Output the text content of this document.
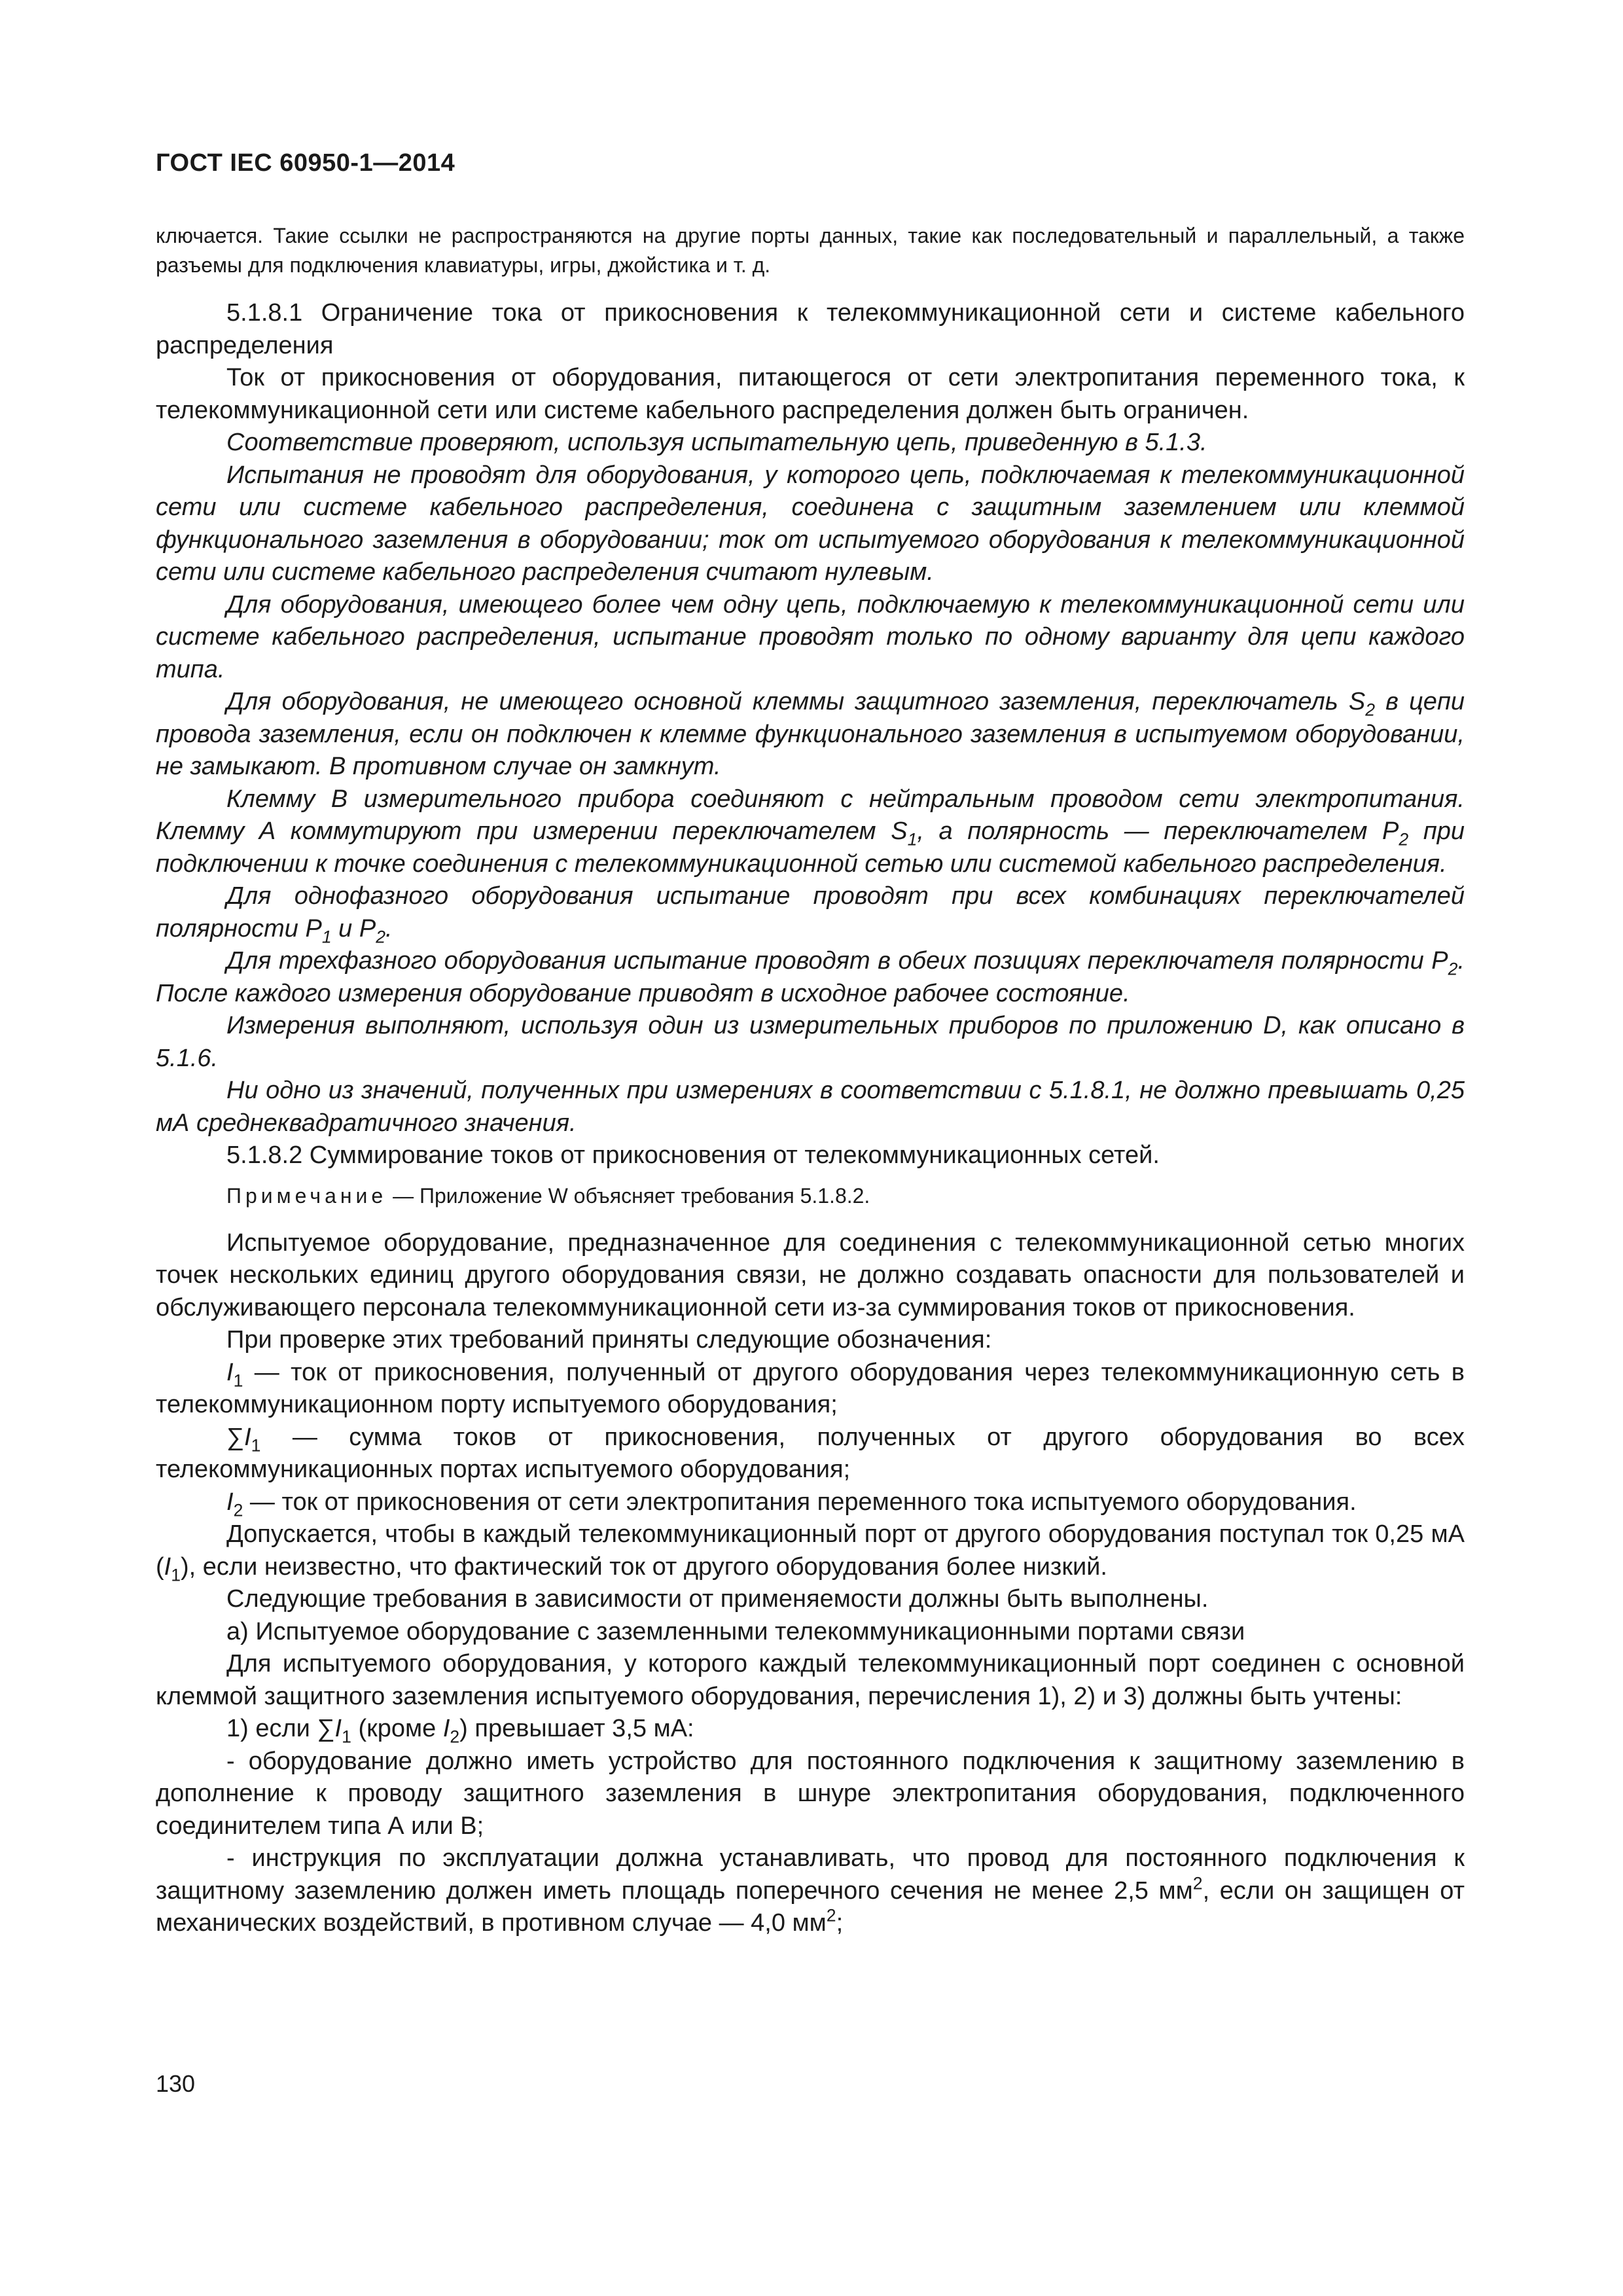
ГОСТ IEC 60950-1—2014

ключается. Такие ссылки не распространяются на другие порты данных, такие как последовательный и параллельный, а также разъемы для подключения клавиатуры, игры, джойстика и т. д.

5.1.8.1 Ограничение тока от прикосновения к телекоммуникационной сети и системе кабельного распределения

Ток от прикосновения от оборудования, питающегося от сети электропитания переменного тока, к телекоммуникационной сети или системе кабельного распределения должен быть ограничен.

Соответствие проверяют, используя испытательную цепь, приведенную в 5.1.3.

Испытания не проводят для оборудования, у которого цепь, подключаемая к телекоммуникационной сети или системе кабельного распределения, соединена с защитным заземлением или клеммой функционального заземления в оборудовании; ток от испытуемого оборудования к телекоммуникационной сети или системе кабельного распределения считают нулевым.

Для оборудования, имеющего более чем одну цепь, подключаемую к телекоммуникационной сети или системе кабельного распределения, испытание проводят только по одному варианту для цепи каждого типа.

Для оборудования, не имеющего основной клеммы защитного заземления, переключатель $S_2$ в цепи провода заземления, если он подключен к клемме функционального заземления в испытуемом оборудовании, не замыкают. В противном случае он замкнут.

Клемму В измерительного прибора соединяют с нейтральным проводом сети электропитания. Клемму А коммутируют при измерении переключателем $S_1$, а полярность — переключателем $P_2$ при подключении к точке соединения с телекоммуникационной сетью или системой кабельного распределения.

Для однофазного оборудования испытание проводят при всех комбинациях переключателей полярности $P_1$ и $P_2$.

Для трехфазного оборудования испытание проводят в обеих позициях переключателя полярности $P_2$. После каждого измерения оборудование приводят в исходное рабочее состояние.

Измерения выполняют, используя один из измерительных приборов по приложению D, как описано в 5.1.6.

Ни одно из значений, полученных при измерениях в соответствии с 5.1.8.1, не должно превышать 0,25 мА среднеквадратичного значения.

5.1.8.2 Суммирование токов от прикосновения от телекоммуникационных сетей.

Примечание — Приложение W объясняет требования 5.1.8.2.

Испытуемое оборудование, предназначенное для соединения с телекоммуникационной сетью многих точек нескольких единиц другого оборудования связи, не должно создавать опасности для пользователей и обслуживающего персонала телекоммуникационной сети из-за суммирования токов от прикосновения.

При проверке этих требований приняты следующие обозначения:

$I_1$ — ток от прикосновения, полученный от другого оборудования через телекоммуникационную сеть в телекоммуникационном порту испытуемого оборудования;

$\sum I_1$ — сумма токов от прикосновения, полученных от другого оборудования во всех телекоммуникационных портах испытуемого оборудования;

$I_2$ — ток от прикосновения от сети электропитания переменного тока испытуемого оборудования.

Допускается, чтобы в каждый телекоммуникационный порт от другого оборудования поступал ток 0,25 мА $(I_1)$, если неизвестно, что фактический ток от другого оборудования более низкий.

Следующие требования в зависимости от применяемости должны быть выполнены.

а) Испытуемое оборудование с заземленными телекоммуникационными портами связи

Для испытуемого оборудования, у которого каждый телекоммуникационный порт соединен с основной клеммой защитного заземления испытуемого оборудования, перечисления 1), 2) и 3) должны быть учтены:

1) если $\sum I_1$ (кроме $I_2$) превышает 3,5 мА:

- оборудование должно иметь устройство для постоянного подключения к защитному заземлению в дополнение к проводу защитного заземления в шнуре электропитания оборудования, подключенного соединителем типа А или В;

- инструкция по эксплуатации должна устанавливать, что провод для постоянного подключения к защитному заземлению должен иметь площадь поперечного сечения не менее 2,5 $мм^2$, если он защищен от механических воздействий, в противном случае — 4,0 $мм^2$;

130
